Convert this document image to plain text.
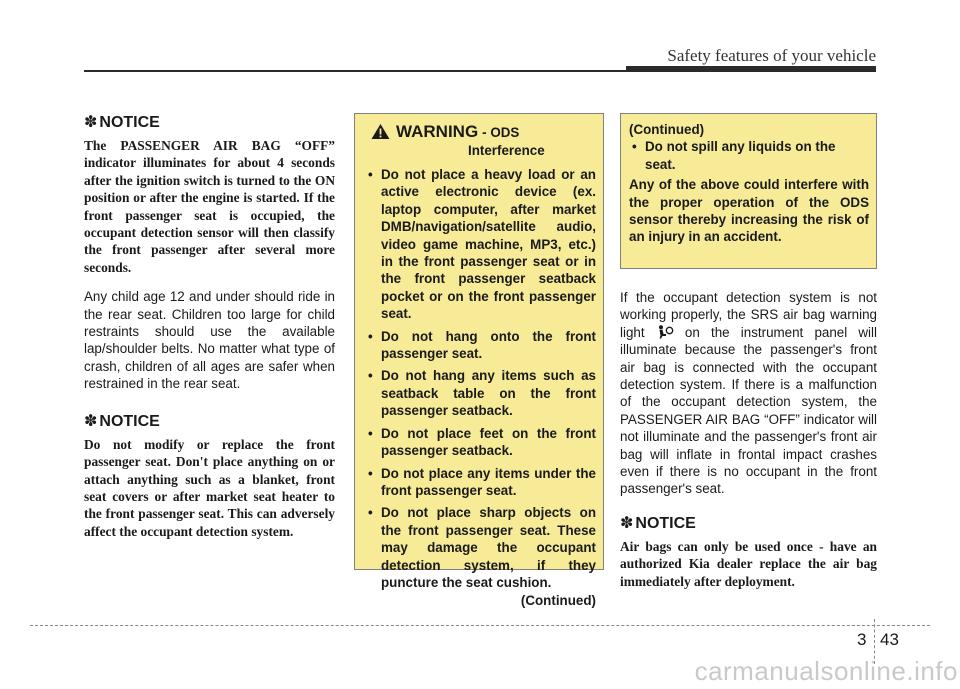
Safety features of your vehicle
✽ NOTICE

The PASSENGER AIR BAG “OFF” indicator illuminates for about 4 seconds after the ignition switch is turned to the ON position or after the engine is started. If the front passenger seat is occupied, the occupant detection sensor will then classify the front passenger after several more seconds.

Any child age 12 and under should ride in the rear seat. Children too large for child restraints should use the available lap/shoulder belts. No matter what type of crash, children of all ages are safer when restrained in the rear seat.

✽ NOTICE

Do not modify or replace the front passenger seat. Don't place anything on or attach anything such as a blanket, front seat covers or after market seat heater to the front passenger seat. This can adversely affect the occupant detection system.

WARNING - ODS
Interference
• Do not place a heavy load or an active electronic device (ex. laptop computer, after market DMB/navigation/satellite audio, video game machine, MP3, etc.) in the front passenger seat or in the front passenger seatback pocket or on the front passenger seat.
• Do not hang onto the front passenger seat.
• Do not hang any items such as seatback table on the front passenger seatback.
• Do not place feet on the front passenger seatback.
• Do not place any items under the front passenger seat.
• Do not place sharp objects on the front passenger seat. These may damage the occupant detection system, if they puncture the seat cushion.
(Continued)

(Continued)

• Do not spill any liquids on the seat.

Any of the above could interfere with the proper operation of the ODS sensor thereby increasing the risk of an injury in an accident.

If the occupant detection system is not working properly, the SRS air bag warning light	on the instrument panel will illuminate because the passenger's front air bag is connected with the occupant detection system. If there is a malfunction of the occupant detection system, the PASSENGER AIR BAG “OFF” indicator will not illuminate and the passenger's front air bag will inflate in frontal impact crashes even if there is no occupant in the front passenger's seat.

✽ NOTICE

Air bags can only be used once - have an authorized Kia dealer replace the air bag immediately after deployment.

3 43
carmanualsonline.info
